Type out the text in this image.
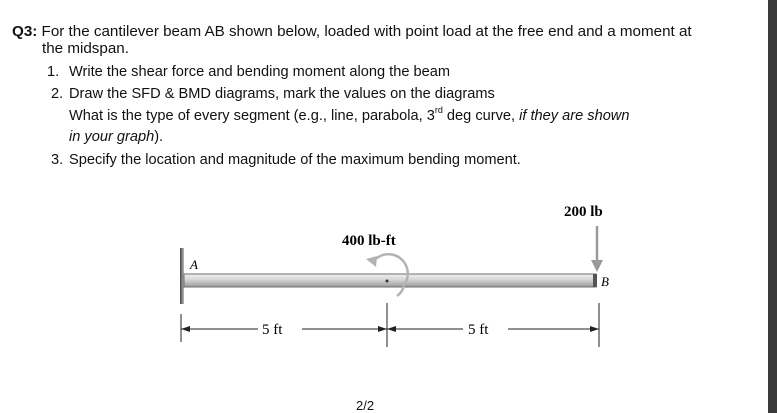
Q3: For the cantilever beam AB shown below, loaded with point load at the free end and a moment at
the midspan.
1. Write the shear force and bending moment along the beam
2. Draw the SFD & BMD diagrams, mark the values on the diagrams
What is the type of every segment (e.g., line, parabola, 3rd deg curve, if they are shown
in your graph).
3. Specify the location and magnitude of the maximum bending moment.
200 lb
400 lb-ft
A
B
5 ft	5 ft
2/2
